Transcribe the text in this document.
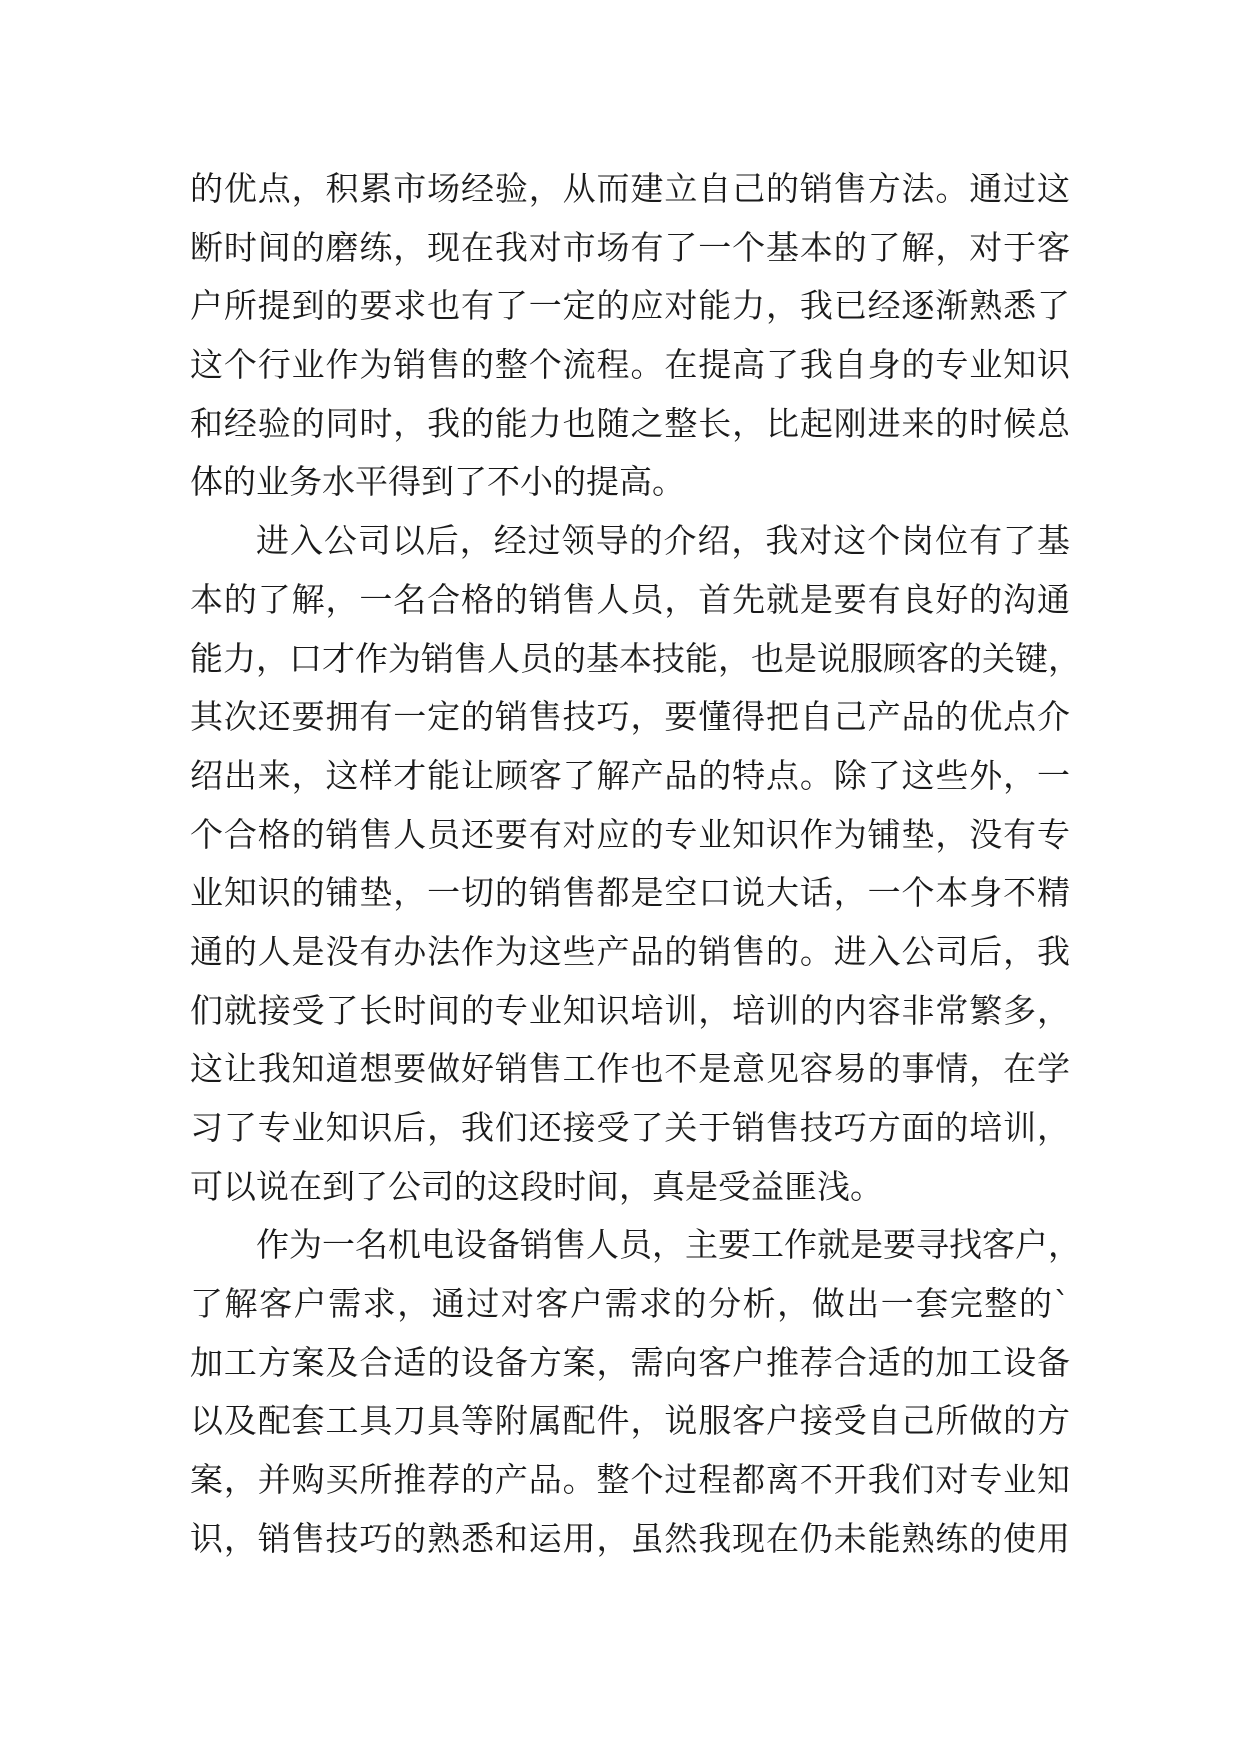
的优点，积累市场经验，从而建立自己的销售方法。通过这
断时间的磨练，现在我对市场有了一个基本的了解，对于客
户所提到的要求也有了一定的应对能力，我已经逐渐熟悉了
这个行业作为销售的整个流程。在提高了我自身的专业知识
和经验的同时，我的能力也随之整长，比起刚进来的时候总
体的业务水平得到了不小的提高。
进入公司以后，经过领导的介绍，我对这个岗位有了基
本的了解，一名合格的销售人员，首先就是要有良好的沟通
能力，口才作为销售人员的基本技能，也是说服顾客的关键，
其次还要拥有一定的销售技巧，要懂得把自己产品的优点介
绍出来，这样才能让顾客了解产品的特点。除了这些外，一
个合格的销售人员还要有对应的专业知识作为铺垫，没有专
业知识的铺垫，一切的销售都是空口说大话，一个本身不精
通的人是没有办法作为这些产品的销售的。进入公司后，我
们就接受了长时间的专业知识培训，培训的内容非常繁多，
这让我知道想要做好销售工作也不是意见容易的事情，在学
习了专业知识后，我们还接受了关于销售技巧方面的培训，
可以说在到了公司的这段时间，真是受益匪浅。
作为一名机电设备销售人员，主要工作就是要寻找客户，
了解客户需求，通过对客户需求的分析，做出一套完整的`
加工方案及合适的设备方案，需向客户推荐合适的加工设备
以及配套工具刀具等附属配件，说服客户接受自己所做的方
案，并购买所推荐的产品。整个过程都离不开我们对专业知
识，销售技巧的熟悉和运用，虽然我现在仍未能熟练的使用
